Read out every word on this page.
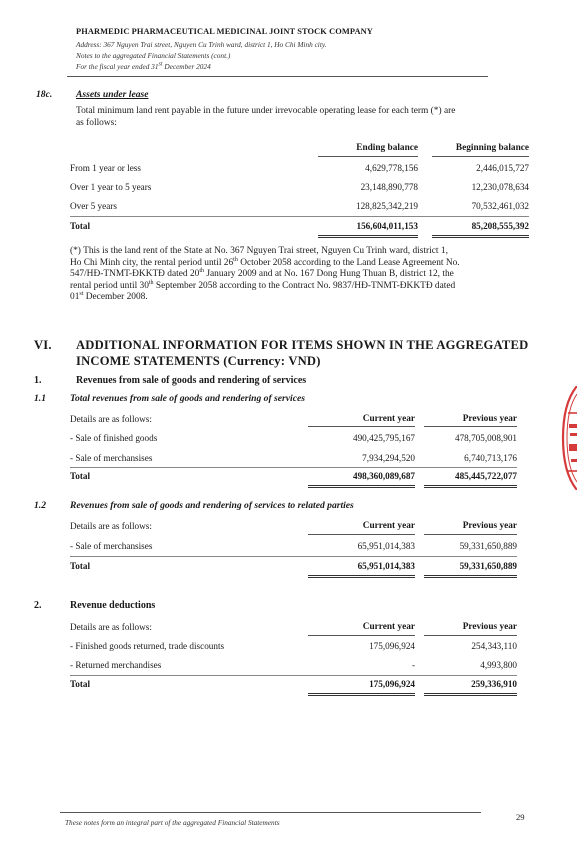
PHARMEDIC PHARMACEUTICAL MEDICINAL JOINT STOCK COMPANY
Address: 367 Nguyen Trai street, Nguyen Cu Trinh ward, district 1, Ho Chi Minh city.
Notes to the aggregated Financial Statements (cont.)
For the fiscal year ended 31st December 2024
18c. Assets under lease
Total minimum land rent payable in the future under irrevocable operating lease for each term (*) are
as follows:
Ending balance	Beginning balance
From 1 year or less	4,629,778,156	2,446,015,727
Over 1 year to 5 years	23,148,890,778	12,230,078,634
Over 5 years	128,825,342,219	70,532,461,032
Total	156,604,011,153	85,208,555,392
(*) This is the land rent of the State at No. 367 Nguyen Trai street, Nguyen Cu Trinh ward, district 1,
Ho Chi Minh city, the rental period until 26th October 2058 according to the Land Lease Agreement No.
547/HĐ-TNMT-ĐKKTĐ dated 20th January 2009 and at No. 167 Dong Hung Thuan B, district 12, the
rental period until 30th September 2058 according to the Contract No. 9837/HĐ-TNMT-ĐKKTĐ dated
01st December 2008.
VI. ADDITIONAL INFORMATION FOR ITEMS SHOWN IN THE AGGREGATED
INCOME STATEMENTS (Currency: VND)
1.	Revenues from sale of goods and rendering of services
1.1	Total revenues from sale of goods and rendering of services
Details are as follows:	Current year	Previous year
- Sale of finished goods	490,425,795,167	478,705,008,901
- Sale of merchansises	7,934,294,520	6,740,713,176
Total	498,360,089,687	485,445,722,077
1.2	Revenues from sale of goods and rendering of services to related parties
Details are as follows:	Current year	Previous year
- Sale of merchansises	65,951,014,383	59,331,650,889
Total	65,951,014,383	59,331,650,889
2.	Revenue deductions
Details are as follows:	Current year	Previous year
- Finished goods returned, trade discounts	175,096,924	254,343,110
- Returned merchandises	-	4,993,800
Total	175,096,924	259,336,910
These notes form an integral part of the aggregated Financial Statements
29
